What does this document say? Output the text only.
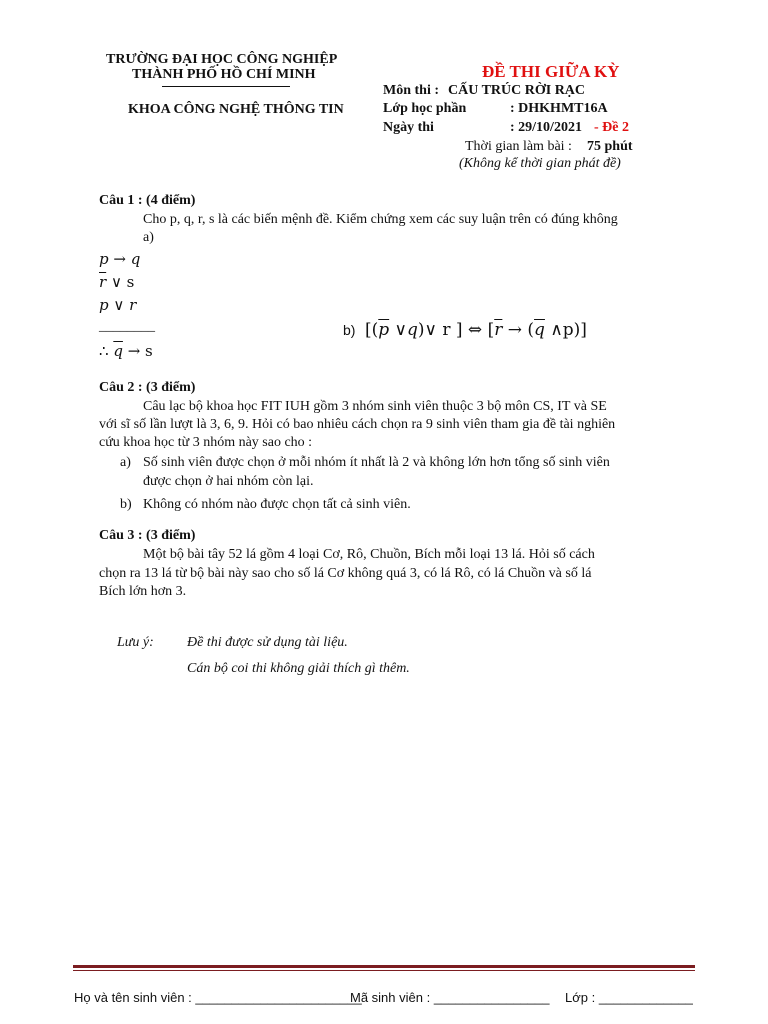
TRƯỜNG ĐẠI HỌC CÔNG NGHIỆP
THÀNH PHỐ HỒ CHÍ MINH
KHOA CÔNG NGHỆ THÔNG TIN
ĐỀ THI GIỮA KỲ
Môn thi : CẤU TRÚC RỜI RẠC
Lớp học phần	: DHKHMT16A
Ngày thi	: 29/10/2021 - Đề 2
Thời gian làm bài : 75 phút
(Không kể thời gian phát đề)
Câu 1 : (4 điểm)
Cho p, q, r, s là các biến mệnh đề. Kiểm chứng xem các suy luận trên có đúng không
a)
p → q
$\overline{r}$ ∨ s
p ∨ r
________
∴ $\overline{q} \to s$
b) [($\overline{p}$ ∨q)∨ r ] ⇔ [$\overline{r} \to (\overline{q}$ ∧p)]
Câu 2 : (3 điểm)
Câu lạc bộ khoa học FIT IUH gồm 3 nhóm sinh viên thuộc 3 bộ môn CS, IT và SE
với sĩ số lần lượt là 3, 6, 9. Hỏi có bao nhiêu cách chọn ra 9 sinh viên tham gia đề tài nghiên
cứu khoa học từ 3 nhóm này sao cho :
a) Số sinh viên được chọn ở mỗi nhóm ít nhất là 2 và không lớn hơn tổng số sinh viên
được chọn ở hai nhóm còn lại.
b) Không có nhóm nào được chọn tất cả sinh viên.
Câu 3 : (3 điểm)
Một bộ bài tây 52 lá gồm 4 loại Cơ, Rô, Chuồn, Bích mỗi loại 13 lá. Hỏi số cách
chọn ra 13 lá từ bộ bài này sao cho số lá Cơ không quá 3, có lá Rô, có lá Chuồn và số lá
Bích lớn hơn 3.
Lưu ý: Đề thi được sử dụng tài liệu.
Cán bộ coi thi không giải thích gì thêm.
Họ và tên sinh viên : _______________________
Mã sinh viên : ________________ Lớp : _____________
